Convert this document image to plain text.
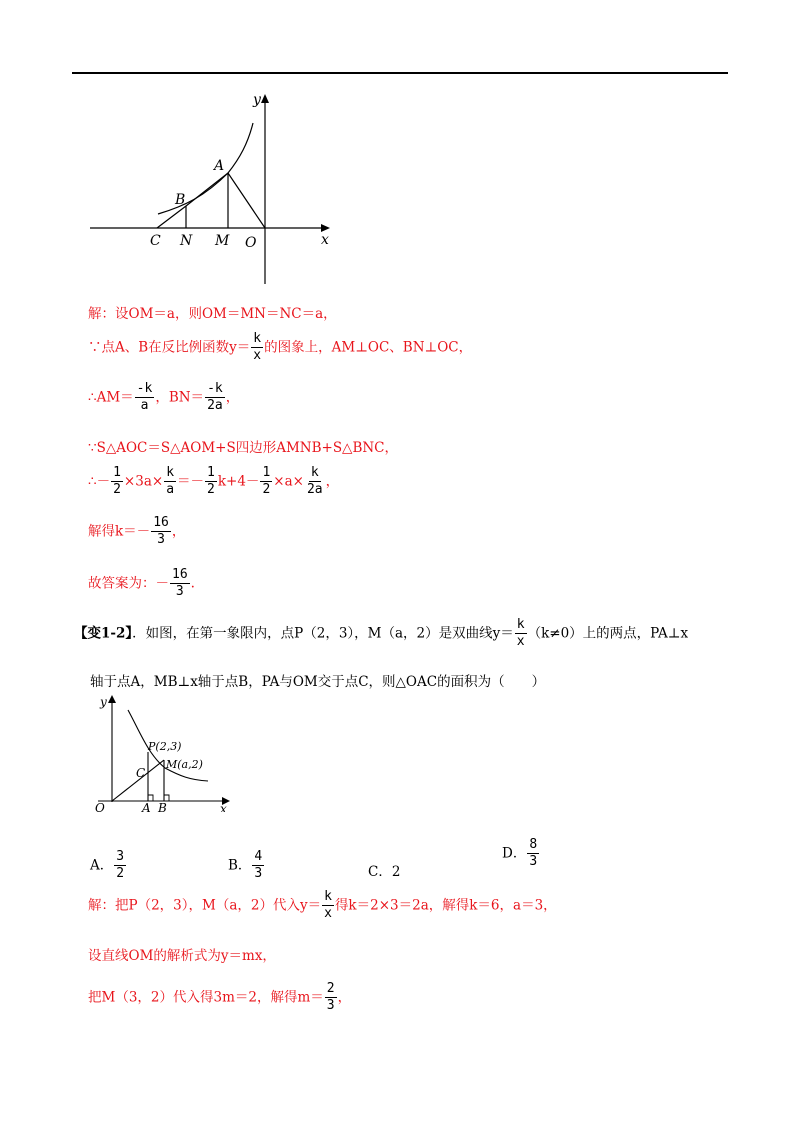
y
x
A
B
C N M O
解：设OM＝a，则OM＝MN＝NC＝a，
∵点A、B在反比例函数$y= \frac{k}{x}$ 的图象上，AM⊥OC、BN⊥OC，
∴AM＝ $\frac{-k}{a}$ ，$BN= \frac{-k}{2a}$ ，
∵S△AOC＝S△AOM+S四边形AMNB+S△BNC，
∴－ $\frac{1}{2} \times 3a\times \frac{k}{a} =- \frac{1}{2} k+4- \frac{1}{2} \times a\times \frac{k}{2a}$ ，
解得$k=- \frac{16}{3}$ ，
故答案为：－ $\frac{16}{3}$ .
【变1-2】．如图，在第一象限内，点P（2，3），M（a，2）是双曲线$y= \frac{k}{x} (k\ne 0)$上的两点，PA⊥x
轴于点A，MB⊥x轴于点B，PA与OM交于点C，则△OAC的面积为（　　）
y
x
O	A B
C
P(2,3)
M(a,2)
A． $\frac{3}{2}$	B． $\frac{4}{3}$	C．2
D． $\frac{8}{3}$
解：把P（2，3），M（a，2）代入$y= \frac{k}{x}$ 得k＝2×3＝2a，解得k＝6，a＝3，
设直线OM的解析式为y＝mx，
把M（3，2）代入得3m＝2，解得$m= \frac{2}{3}$ ，
